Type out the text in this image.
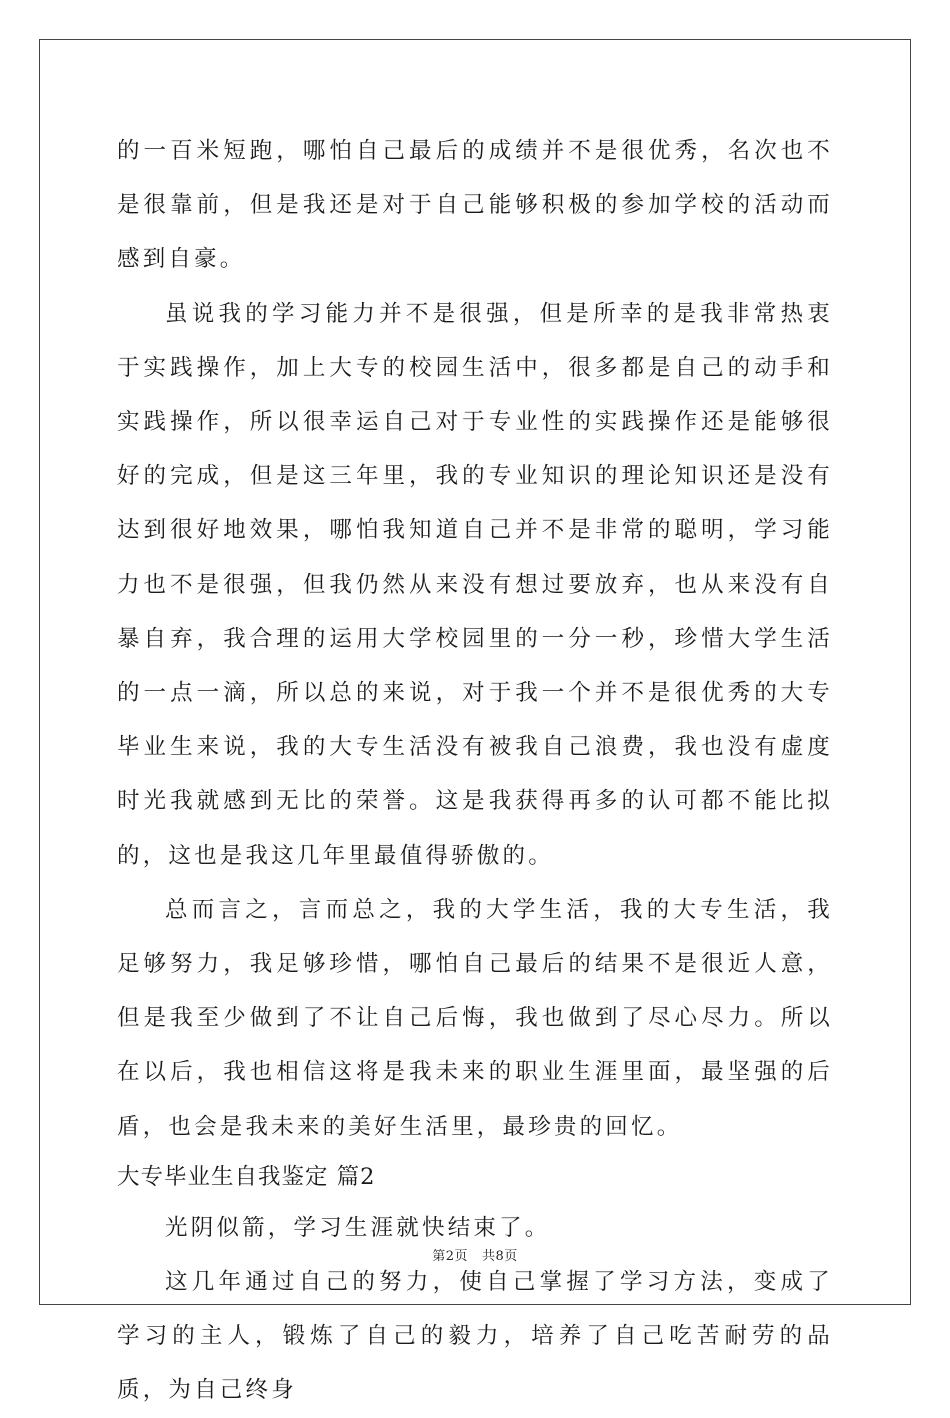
的一百米短跑，哪怕自己最后的成绩并不是很优秀，名次也不是很靠前，但是我还是对于自己能够积极的参加学校的活动而感到自豪。

虽说我的学习能力并不是很强，但是所幸的是我非常热衷于实践操作，加上大专的校园生活中，很多都是自己的动手和实践操作，所以很幸运自己对于专业性的实践操作还是能够很好的完成，但是这三年里，我的专业知识的理论知识还是没有达到很好地效果，哪怕我知道自己并不是非常的聪明，学习能力也不是很强，但我仍然从来没有想过要放弃，也从来没有自暴自弃，我合理的运用大学校园里的一分一秒，珍惜大学生活的一点一滴，所以总的来说，对于我一个并不是很优秀的大专毕业生来说，我的大专生活没有被我自己浪费，我也没有虚度时光我就感到无比的荣誉。这是我获得再多的认可都不能比拟的，这也是我这几年里最值得骄傲的。

总而言之，言而总之，我的大学生活，我的大专生活，我足够努力，我足够珍惜，哪怕自己最后的结果不是很近人意，但是我至少做到了不让自己后悔，我也做到了尽心尽力。所以在以后，我也相信这将是我未来的职业生涯里面，最坚强的后盾，也会是我未来的美好生活里，最珍贵的回忆。

大专毕业生自我鉴定 篇2

光阴似箭，学习生涯就快结束了。

这几年通过自己的努力，使自己掌握了学习方法，变成了学习的主人，锻炼了自己的毅力，培养了自己吃苦耐劳的品质，为自己终身

第2页 共8页
